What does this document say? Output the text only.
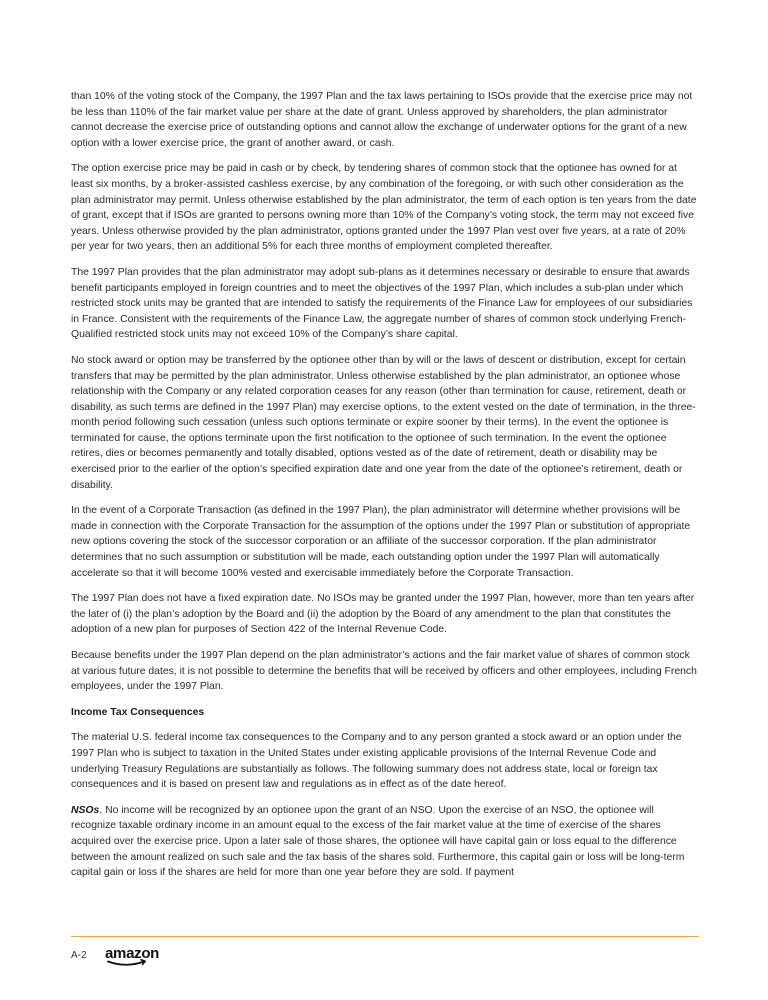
than 10% of the voting stock of the Company, the 1997 Plan and the tax laws pertaining to ISOs provide that the exercise price may not be less than 110% of the fair market value per share at the date of grant. Unless approved by shareholders, the plan administrator cannot decrease the exercise price of outstanding options and cannot allow the exchange of underwater options for the grant of a new option with a lower exercise price, the grant of another award, or cash.

The option exercise price may be paid in cash or by check, by tendering shares of common stock that the optionee has owned for at least six months, by a broker-assisted cashless exercise, by any combination of the foregoing, or with such other consideration as the plan administrator may permit. Unless otherwise established by the plan administrator, the term of each option is ten years from the date of grant, except that if ISOs are granted to persons owning more than 10% of the Company’s voting stock, the term may not exceed five years. Unless otherwise provided by the plan administrator, options granted under the 1997 Plan vest over five years, at a rate of 20% per year for two years, then an additional 5% for each three months of employment completed thereafter.

The 1997 Plan provides that the plan administrator may adopt sub-plans as it determines necessary or desirable to ensure that awards benefit participants employed in foreign countries and to meet the objectives of the 1997 Plan, which includes a sub-plan under which restricted stock units may be granted that are intended to satisfy the requirements of the Finance Law for employees of our subsidiaries in France. Consistent with the requirements of the Finance Law, the aggregate number of shares of common stock underlying French-Qualified restricted stock units may not exceed 10% of the Company’s share capital.

No stock award or option may be transferred by the optionee other than by will or the laws of descent or distribution, except for certain transfers that may be permitted by the plan administrator. Unless otherwise established by the plan administrator, an optionee whose relationship with the Company or any related corporation ceases for any reason (other than termination for cause, retirement, death or disability, as such terms are defined in the 1997 Plan) may exercise options, to the extent vested on the date of termination, in the three-month period following such cessation (unless such options terminate or expire sooner by their terms). In the event the optionee is terminated for cause, the options terminate upon the first notification to the optionee of such termination. In the event the optionee retires, dies or becomes permanently and totally disabled, options vested as of the date of retirement, death or disability may be exercised prior to the earlier of the option’s specified expiration date and one year from the date of the optionee’s retirement, death or disability.

In the event of a Corporate Transaction (as defined in the 1997 Plan), the plan administrator will determine whether provisions will be made in connection with the Corporate Transaction for the assumption of the options under the 1997 Plan or substitution of appropriate new options covering the stock of the successor corporation or an affiliate of the successor corporation. If the plan administrator determines that no such assumption or substitution will be made, each outstanding option under the 1997 Plan will automatically accelerate so that it will become 100% vested and exercisable immediately before the Corporate Transaction.

The 1997 Plan does not have a fixed expiration date. No ISOs may be granted under the 1997 Plan, however, more than ten years after the later of (i) the plan’s adoption by the Board and (ii) the adoption by the Board of any amendment to the plan that constitutes the adoption of a new plan for purposes of Section 422 of the Internal Revenue Code.

Because benefits under the 1997 Plan depend on the plan administrator’s actions and the fair market value of shares of common stock at various future dates, it is not possible to determine the benefits that will be received by officers and other employees, including French employees, under the 1997 Plan.

Income Tax Consequences

The material U.S. federal income tax consequences to the Company and to any person granted a stock award or an option under the 1997 Plan who is subject to taxation in the United States under existing applicable provisions of the Internal Revenue Code and underlying Treasury Regulations are substantially as follows. The following summary does not address state, local or foreign tax consequences and it is based on present law and regulations as in effect as of the date hereof.

NSOs. No income will be recognized by an optionee upon the grant of an NSO. Upon the exercise of an NSO, the optionee will recognize taxable ordinary income in an amount equal to the excess of the fair market value at the time of exercise of the shares acquired over the exercise price. Upon a later sale of those shares, the optionee will have capital gain or loss equal to the difference between the amount realized on such sale and the tax basis of the shares sold. Furthermore, this capital gain or loss will be long-term capital gain or loss if the shares are held for more than one year before they are sold. If payment

A-2 amazon
